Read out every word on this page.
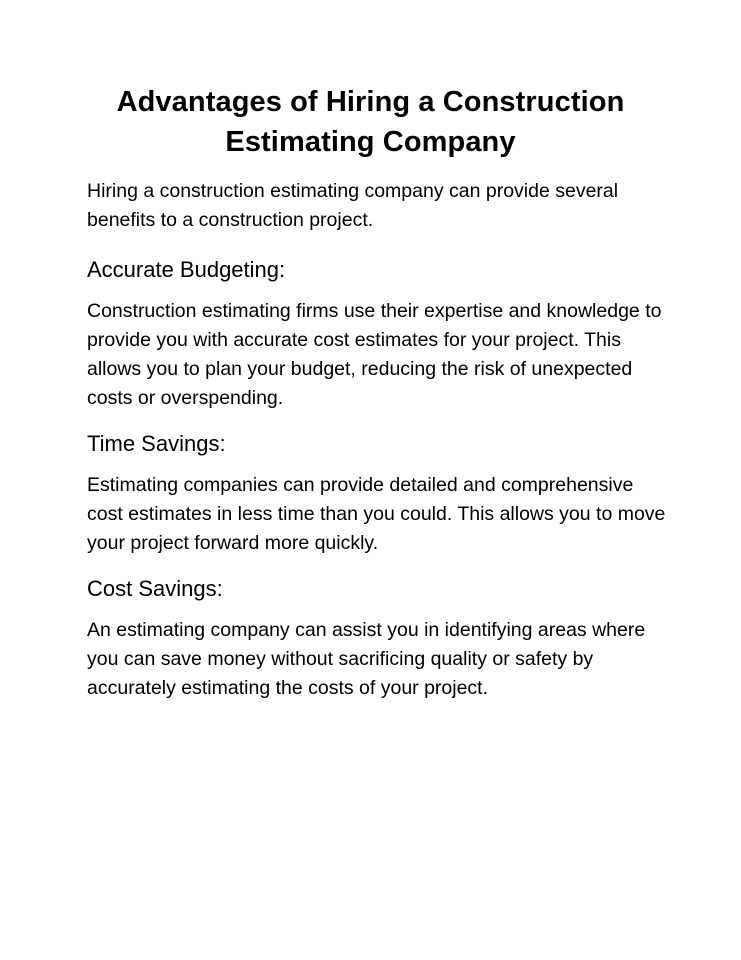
Advantages of Hiring a Construction Estimating Company

Hiring a construction estimating company can provide several benefits to a construction project.

Accurate Budgeting:

Construction estimating firms use their expertise and knowledge to provide you with accurate cost estimates for your project. This allows you to plan your budget, reducing the risk of unexpected costs or overspending.

Time Savings:

Estimating companies can provide detailed and comprehensive cost estimates in less time than you could. This allows you to move your project forward more quickly.

Cost Savings:

An estimating company can assist you in identifying areas where you can save money without sacrificing quality or safety by accurately estimating the costs of your project.
